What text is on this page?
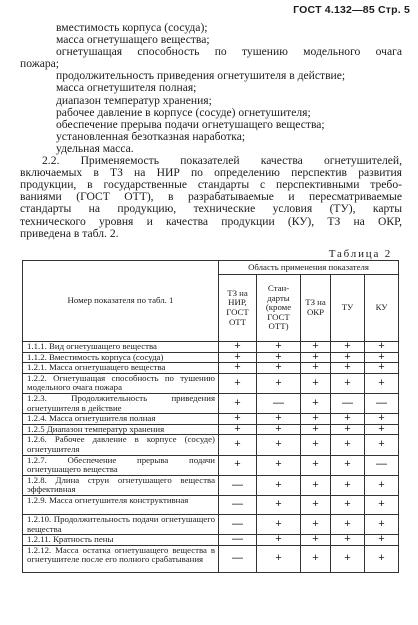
ГОСТ 4.132—85 Стр. 5
вместимость корпуса (сосуда);
масса огнетушащего вещества;
огнетушащая способность по тушению модельного очага
пожара;
продолжительность приведения огнетушителя в действие;
масса огнетушителя полная;
диапазон температур хранения;
рабочее давление в корпусе (сосуде) огнетушителя;
обеспечение прерыва подачи огнетушащего вещества;
установленная безотказная наработка;
удельная масса.
2.2. Применяемость показателей качества огнетушителей,
включаемых в ТЗ на НИР по определению перспектив развития
продукции, в государственные стандарты с перспективными требо-
ваниями (ГОСТ ОТТ), в разрабатываемые и пересматриваемые
стандарты на продукцию, технические условия (ТУ), карты
технического уровня и качества продукции (КУ), ТЗ на ОКР,
приведена в табл. 2.
Таблица 2
Номер показателя по табл. 1	Область применения показателя				
	ТЗ на НИР, ГОСТ ОТТ	Стан-дарты (кроме ГОСТ ОТТ)	ТЗ на ОКР	ТУ	КУ
1.1.1. Вид огнетушащего вещества	+	+	+	+	+
1.1.2. Вместимость корпуса (сосуда)	+	+	+	+	+
1.2.1. Масса огнетушащего вещества	+	+	+	+	+
1.2.2. Огнетушащая способность по тушению модельного очага пожара	+	+	+	+	+
1.2.3. Продолжительность приведения огнетушителя в действие	+	—	+	—	—
1.2.4. Масса огнетушителя полная	+	+	+	+	+
1.2.5 Диапазон температур хранения	+	+	+	+	+
1.2.6. Рабочее давление в корпусе (сосуде) огнетушителя	+	+	+	+	+
1.2.7. Обеспечение прерыва подачи огнетушащего вещества	+	+	+	+	—
1.2.8. Длина струи огнетушащего вещества эффективная	—	+	+	+	+
1.2.9. Масса огнетушителя конструктивная	—	+	+	+	+
1.2.10. Продолжительность подачи огнетушащего вещества	—	+	+	+	+
1.2.11. Кратность пены	—	+	+	+	+
1.2.12. Масса остатка огнетушащего вещества в огнетушителе после его полного срабатывания	—	+	+	+	+
